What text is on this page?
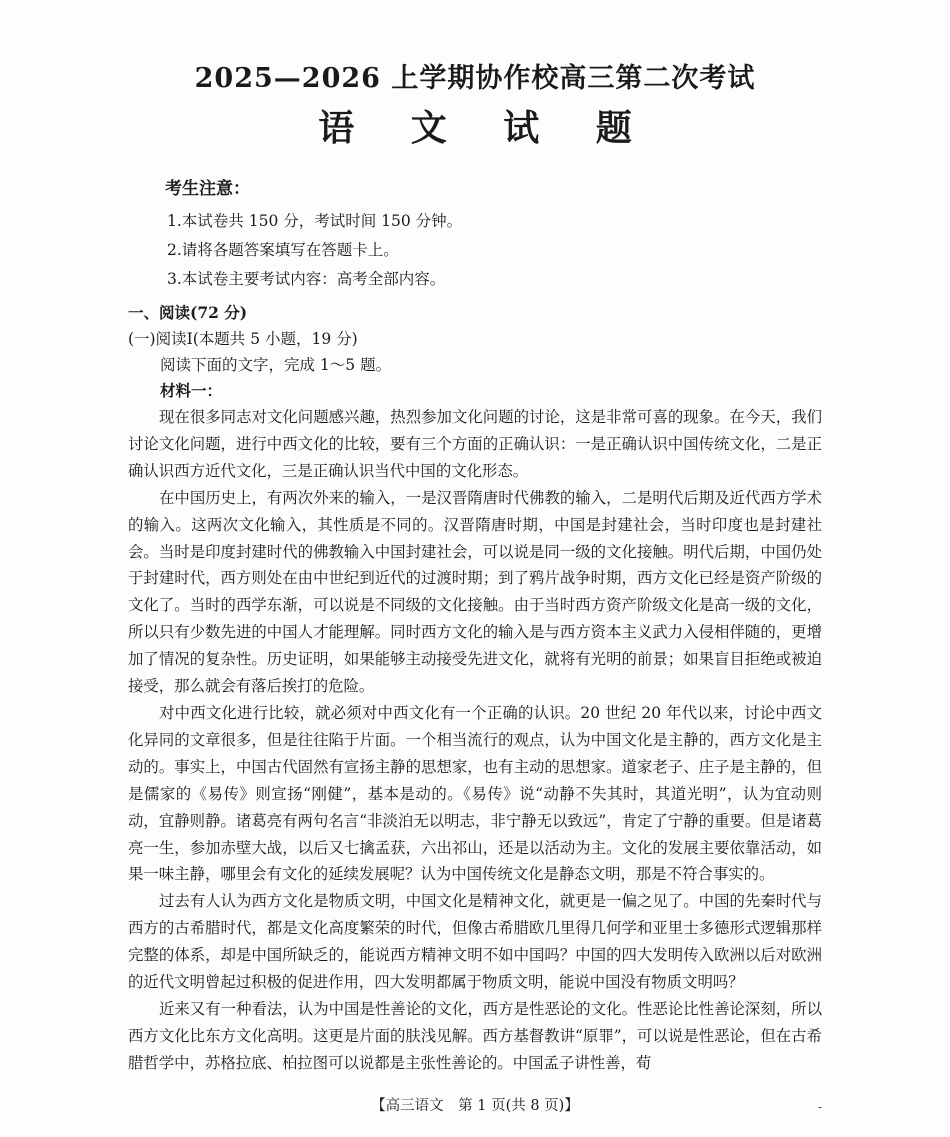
2025—2026 上学期协作校高三第二次考试
语 文 试 题
考生注意：
1.本试卷共 150 分，考试时间 150 分钟。
2.请将各题答案填写在答题卡上。
3.本试卷主要考试内容：高考全部内容。
一、阅读(72 分)
(一)阅读Ⅰ(本题共 5 小题，19 分)
阅读下面的文字，完成 1～5 题。
材料一：

现在很多同志对文化问题感兴趣，热烈参加文化问题的讨论，这是非常可喜的现象。在今天，我们讨论文化问题，进行中西文化的比较，要有三个方面的正确认识：一是正确认识中国传统文化，二是正确认识西方近代文化，三是正确认识当代中国的文化形态。

在中国历史上，有两次外来的输入，一是汉晋隋唐时代佛教的输入，二是明代后期及近代西方学术的输入。这两次文化输入，其性质是不同的。汉晋隋唐时期，中国是封建社会，当时印度也是封建社会。当时是印度封建时代的佛教输入中国封建社会，可以说是同一级的文化接触。明代后期，中国仍处于封建时代，西方则处在由中世纪到近代的过渡时期；到了鸦片战争时期，西方文化已经是资产阶级的文化了。当时的西学东渐，可以说是不同级的文化接触。由于当时西方资产阶级文化是高一级的文化，所以只有少数先进的中国人才能理解。同时西方文化的输入是与西方资本主义武力入侵相伴随的，更增加了情况的复杂性。历史证明，如果能够主动接受先进文化，就将有光明的前景；如果盲目拒绝或被迫接受，那么就会有落后挨打的危险。

对中西文化进行比较，就必须对中西文化有一个正确的认识。20 世纪 20 年代以来，讨论中西文化异同的文章很多，但是往往陷于片面。一个相当流行的观点，认为中国文化是主静的，西方文化是主动的。事实上，中国古代固然有宣扬主静的思想家，也有主动的思想家。道家老子、庄子是主静的，但是儒家的《易传》则宣扬“刚健”，基本是动的。《易传》说“动静不失其时，其道光明”，认为宜动则动，宜静则静。诸葛亮有两句名言“非淡泊无以明志，非宁静无以致远”，肯定了宁静的重要。但是诸葛亮一生，参加赤壁大战，以后又七擒孟获，六出祁山，还是以活动为主。文化的发展主要依靠活动，如果一味主静，哪里会有文化的延续发展呢？认为中国传统文化是静态文明，那是不符合事实的。

过去有人认为西方文化是物质文明，中国文化是精神文化，就更是一偏之见了。中国的先秦时代与西方的古希腊时代，都是文化高度繁荣的时代，但像古希腊欧几里得几何学和亚里士多德形式逻辑那样完整的体系，却是中国所缺乏的，能说西方精神文明不如中国吗？中国的四大发明传入欧洲以后对欧洲的近代文明曾起过积极的促进作用，四大发明都属于物质文明，能说中国没有物质文明吗？

近来又有一种看法，认为中国是性善论的文化，西方是性恶论的文化。性恶论比性善论深刻，所以西方文化比东方文化高明。这更是片面的肤浅见解。西方基督教讲“原罪”，可以说是性恶论，但在古希腊哲学中，苏格拉底、柏拉图可以说都是主张性善论的。中国孟子讲性善，荀

【高三语文　第 1 页(共 8 页)】	-
